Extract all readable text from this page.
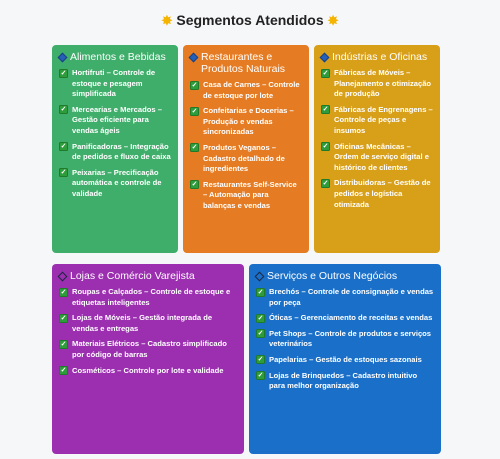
✸ Segmentos Atendidos ✸
Alimentos e Bebidas
✓ Hortifruti – Controle de estoque e pesagem simplificada
✓ Mercearias e Mercados – Gestão eficiente para vendas ágeis
✓ Panificadoras – Integração de pedidos e fluxo de caixa
✓ Peixarias – Precificação automática e controle de validade
Restaurantes e Produtos Naturais
✓ Casa de Carnes – Controle de estoque por lote
✓ Confeitarias e Docerias – Produção e vendas sincronizadas
✓ Produtos Veganos – Cadastro detalhado de ingredientes
✓ Restaurantes Self-Service – Automação para balanças e vendas
Indústrias e Oficinas
✓ Fábricas de Móveis – Planejamento e otimização de produção
✓ Fábricas de Engrenagens – Controle de peças e insumos
✓ Oficinas Mecânicas – Ordem de serviço digital e histórico de clientes
✓ Distribuidoras – Gestão de pedidos e logística otimizada
Lojas e Comércio Varejista
✓ Roupas e Calçados – Controle de estoque e etiquetas inteligentes
✓ Lojas de Móveis – Gestão integrada de vendas e entregas
✓ Materiais Elétricos – Cadastro simplificado por código de barras
✓ Cosméticos – Controle por lote e validade
Serviços e Outros Negócios
✓ Brechós – Controle de consignação e vendas por peça
✓ Óticas – Gerenciamento de receitas e vendas
✓ Pet Shops – Controle de produtos e serviços veterinários
✓ Papelarias – Gestão de estoques sazonais
✓ Lojas de Brinquedos – Cadastro intuitivo para melhor organização
